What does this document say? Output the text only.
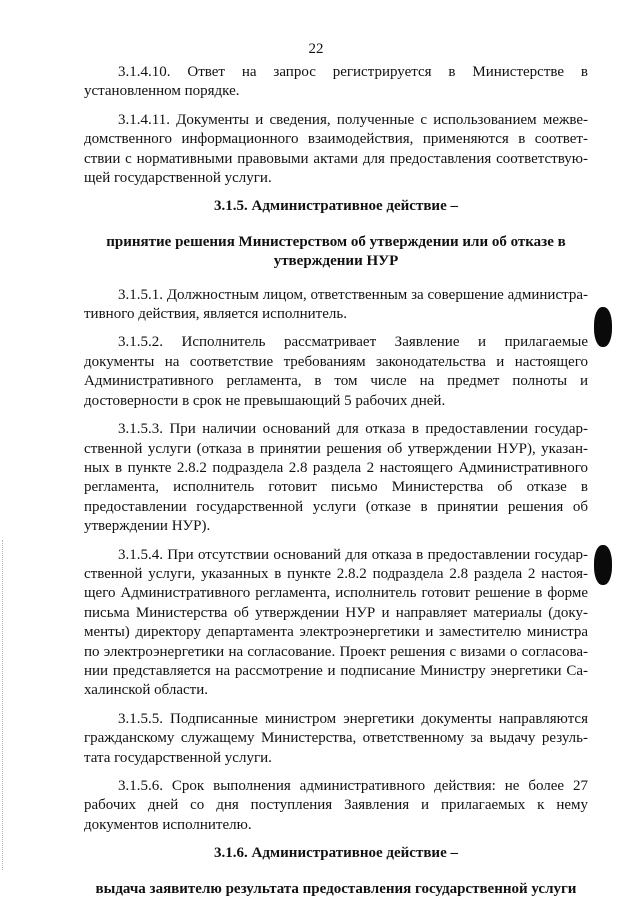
22

3.1.4.10. Ответ на запрос регистрируется в Министерстве в установленном порядке.

3.1.4.11. Документы и сведения, полученные с использованием межведомственного информационного взаимодействия, применяются в соответствии с нормативными правовыми актами для предоставления соответствующей государственной услуги.

3.1.5. Административное действие –

принятие решения Министерством об утверждении или об отказе в утверждении НУР

3.1.5.1. Должностным лицом, ответственным за совершение административного действия, является исполнитель.

3.1.5.2. Исполнитель рассматривает Заявление и прилагаемые документы на соответствие требованиям законодательства и настоящего Административного регламента, в том числе на предмет полноты и достоверности в срок не превышающий 5 рабочих дней.

3.1.5.3. При наличии оснований для отказа в предоставлении государственной услуги (отказа в принятии решения об утверждении НУР), указанных в пункте 2.8.2 подраздела 2.8 раздела 2 настоящего Административного регламента, исполнитель готовит письмо Министерства об отказе в предоставлении государственной услуги (отказе в принятии решения об утверждении НУР).

3.1.5.4. При отсутствии оснований для отказа в предоставлении государственной услуги, указанных в пункте 2.8.2 подраздела 2.8 раздела 2 настоящего Административного регламента, исполнитель готовит решение в форме письма Министерства об утверждении НУР и направляет материалы (документы) директору департамента электроэнергетики и заместителю министра по электроэнергетики на согласование. Проект решения с визами о согласовании представляется на рассмотрение и подписание Министру энергетики Сахалинской области.

3.1.5.5. Подписанные министром энергетики документы направляются гражданскому служащему Министерства, ответственному за выдачу результата государственной услуги.

3.1.5.6. Срок выполнения административного действия: не более 27 рабочих дней со дня поступления Заявления и прилагаемых к нему документов исполнителю.

3.1.6. Административное действие –

выдача заявителю результата предоставления государственной услуги
